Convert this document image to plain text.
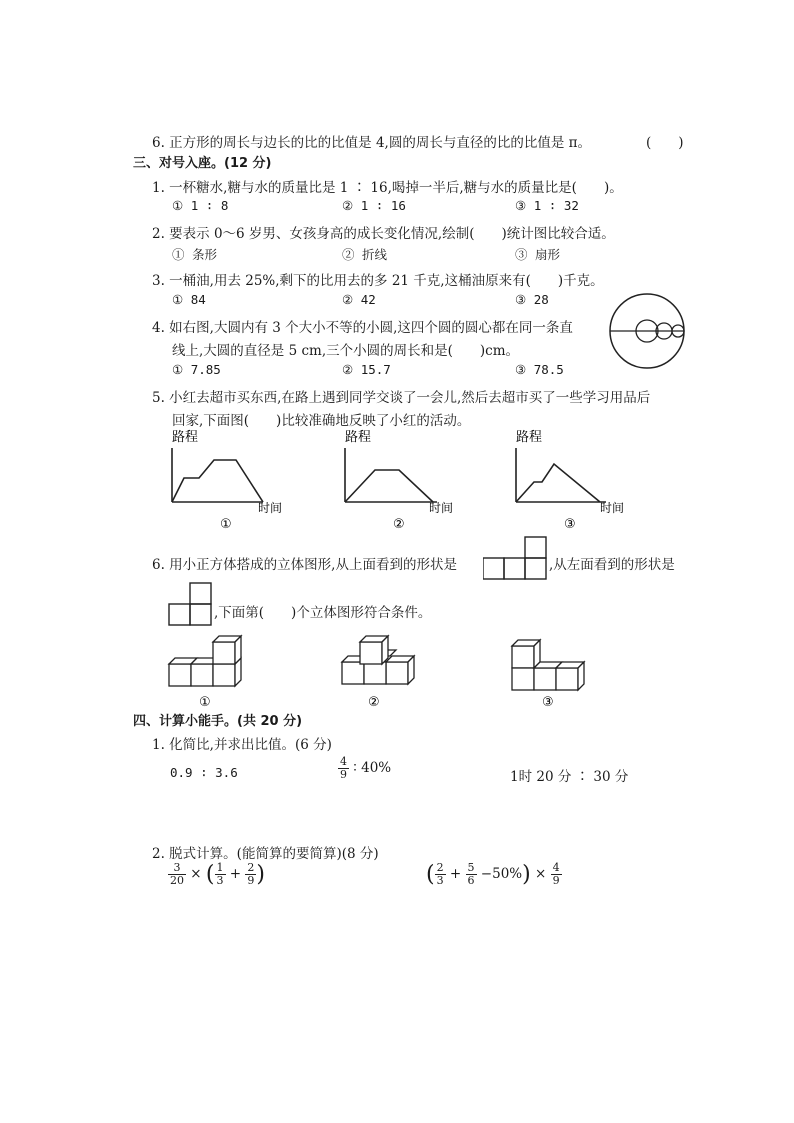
6. 正方形的周长与边长的比的比值是 4,圆的周长与直径的比的比值是 π。	(　　)
三、对号入座。(12 分)
1. 一杯糖水,糖与水的质量比是 1 ∶ 16,喝掉一半后,糖与水的质量比是(　　)。
① 1 ∶ 8	② 1 ∶ 16	③ 1 ∶ 32
2. 要表示 0～6 岁男、女孩身高的成长变化情况,绘制(　　)统计图比较合适。
① 条形	② 折线	③ 扇形
3. 一桶油,用去 25%,剩下的比用去的多 21 千克,这桶油原来有(　　)千克。
① 84	② 42	③ 28
4. 如右图,大圆内有 3 个大小不等的小圆,这四个圆的圆心都在同一条直
线上,大圆的直径是 5 cm,三个小圆的周长和是(　　)cm。
① 7.85	② 15.7	③ 78.5
5. 小红去超市买东西,在路上遇到同学交谈了一会儿,然后去超市买了一些学习用品后
回家,下面图(　　)比较准确地反映了小红的活动。
路程
时间
①
路程
时间
②
路程
时间
③
6. 用小正方体搭成的立体图形,从上面看到的形状是	,从左面看到的形状是
,下面第(　　)个立体图形符合条件。
①	②	③
四、计算小能手。(共 20 分)
1. 化简比,并求出比值。(6 分)
0.9 ∶ 3.6	$\frac{4}{9}$ ∶ 40%
1时 20 分 ∶ 30 分
2. 脱式计算。(能简算的要简算)(8 分)
$\frac{3}{20}$ × ( $\frac{1}{3} + \frac{2}{9}$ )	( $\frac{2}{3} + \frac{5}{6} -50\%) \times \frac{4}{9}$
